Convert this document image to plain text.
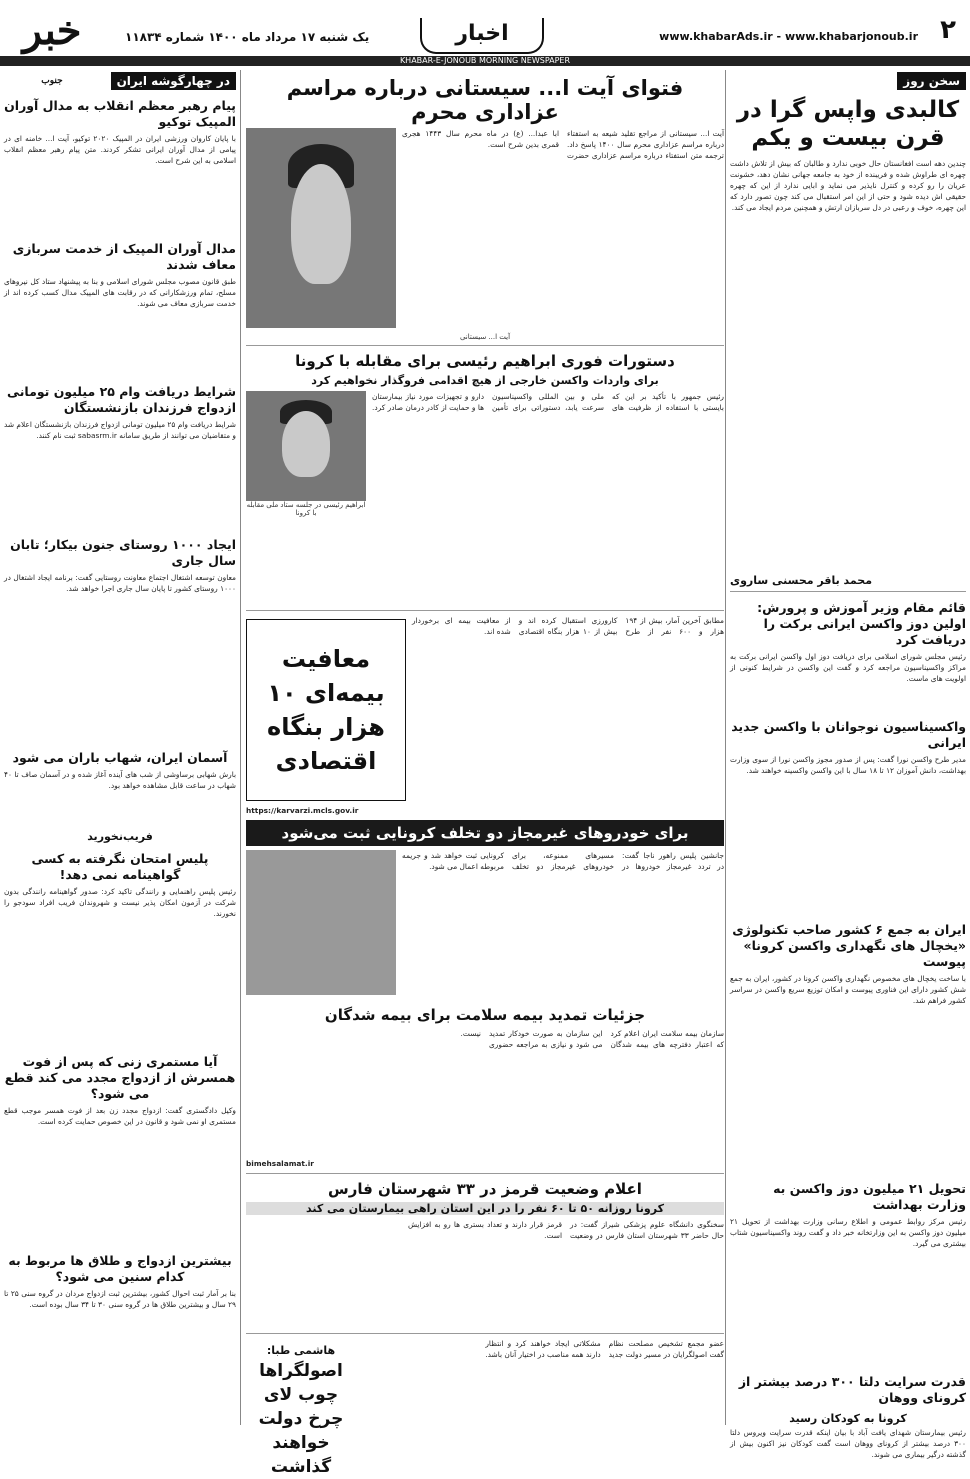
۲
www.khabarAds.ir - www.khabarjonoub.ir
اخبار
یک شنبه ۱۷ مرداد ماه ۱۴۰۰ شماره ۱۱۸۳۴
خبر $^{جنوب}$
KHABAR-E-JONOUB MORNING NEWSPAPER
سخن روز
کالبدی واپس گرا در قرن بیست و یکم
چندین دهه است افغانستان حال خوبی ندارد و طالبان که بیش از تلاش داشت چهره ای طراوش شده و فریبنده از خود به جامعه جهانی نشان دهد، خشونت عریان را رو کرده و کنترل نایذیر می نماید و ابایی ندارد از این که چهره حقیقی اش دیده شود و حتی از این امر استقبال می کند چون تصور دارد که این چهره، خوف و رعبی در دل سربازان ارتش و همچنین مردم ایجاد می کند.
محمد باقر محسنی ساروی
قائم مقام وزیر آموزش و پرورش: اولین دوز واکسن ایرانی برکت را دریافت کرد
رئیس مجلس شورای اسلامی برای دریافت دوز اول واکسن ایرانی برکت به مراکز واکسیناسیون مراجعه کرد و گفت این واکسن در شرایط کنونی از اولویت های ماست.
واکسیناسیون نوجوانان با واکسن جدید ایرانی
مدیر طرح واکسن نورا گفت: پس از صدور مجوز واکسن نورا از سوی وزارت بهداشت، دانش آموزان ۱۲ تا ۱۸ سال با این واکسن واکسینه خواهند شد.
ایران به جمع ۶ کشور صاحب تکنولوژی «یخچال های نگهداری واکسن کرونا» پیوست
با ساخت یخچال های مخصوص نگهداری واکسن کرونا در کشور، ایران به جمع شش کشور دارای این فناوری پیوست و امکان توزیع سریع واکسن در سراسر کشور فراهم شد.
تحویل ۲۱ میلیون دوز واکسن به وزارت بهداشت
رئیس مرکز روابط عمومی و اطلاع رسانی وزارت بهداشت از تحویل ۲۱ میلیون دوز واکسن به این وزارتخانه خبر داد و گفت روند واکسیناسیون شتاب بیشتری می گیرد.
قدرت سرایت دلتا ۳۰۰ درصد بیشتر از کرونای ووهان
کرونا به کودکان رسید
رئیس بیمارستان شهدای یافت آباد با بیان اینکه قدرت سرایت ویروس دلتا ۳۰۰ درصد بیشتر از کرونای ووهان است گفت کودکان نیز اکنون بیش از گذشته درگیر بیماری می شوند.
فتوای آیت ا... سیستانی درباره مراسم عزاداری محرم
آیت ا... سیستانی از مراجع تقلید شیعه به استفتاء درباره مراسم عزاداری محرم سال ۱۴۰۰ پاسخ داد. ترجمه متن استفتاء درباره مراسم عزاداری حضرت ابا عبدا... (ع) در ماه محرم سال ۱۴۴۳ هجری قمری بدین شرح است.
آیت ا... سیستانی
دستورات فوری ابراهیم رئیسی برای مقابله با کرونا
برای واردات واکسن خارجی از هیچ اقدامی فروگذار نخواهیم کرد
رئیس جمهور با تأکید بر این که بایستی با استفاده از ظرفیت های ملی و بین المللی واکسیناسیون سرعت یابد، دستوراتی برای تأمین دارو و تجهیزات مورد نیاز بیمارستان ها و حمایت از کادر درمان صادر کرد.
ابراهیم رئیسی در جلسه ستاد ملی مقابله با کرونا
مطابق آخرین آمار، بیش از ۱۹۴ هزار و ۶۰۰ نفر از طرح کارورزی استقبال کرده اند و بیش از ۱۰ هزار بنگاه اقتصادی از معافیت بیمه ای برخوردار شده اند.
معافیت بیمه‌ای ۱۰ هزار بنگاه اقتصادی
https://karvarzi.mcls.gov.ir
برای خودروهای غیرمجاز دو تخلف کرونایی ثبت می‌شود
جانشین پلیس راهور ناجا گفت: در تردد غیرمجاز خودروها در مسیرهای ممنوعه، برای خودروهای غیرمجاز دو تخلف کرونایی ثبت خواهد شد و جریمه مربوطه اعمال می شود.
جزئیات تمدید بیمه سلامت برای بیمه شدگان
سازمان بیمه سلامت ایران اعلام کرد که اعتبار دفترچه های بیمه شدگان این سازمان به صورت خودکار تمدید می شود و نیازی به مراجعه حضوری نیست.
bimehsalamat.ir
اعلام وضعیت قرمز در ۳۳ شهرستان فارس
کرونا روزانه ۵۰ تا ۶۰ نفر را در این استان راهی بیمارستان می کند
سخنگوی دانشگاه علوم پزشکی شیراز گفت: در حال حاضر ۳۳ شهرستان استان فارس در وضعیت قرمز قرار دارند و تعداد بستری ها رو به افزایش است.
عضو مجمع تشخیص مصلحت نظام گفت اصولگرایان در مسیر دولت جدید مشکلاتی ایجاد خواهند کرد و انتظار دارند همه مناصب در اختیار آنان باشد.
هاشمی طبا:
اصولگراها چوب لای چرخ دولت خواهند گذاشت
در چهارگوشه ایران
پیام رهبر معظم انقلاب به مدال آوران المپیک توکیو
با پایان کاروان ورزشی ایران در المپیک ۲۰۲۰ توکیو، آیت ا... خامنه ای در پیامی از مدال آوران ایرانی تشکر کردند. متن پیام رهبر معظم انقلاب اسلامی به این شرح است.
مدال آوران المپیک از خدمت سربازی معاف شدند
طبق قانون مصوب مجلس شورای اسلامی و بنا به پیشنهاد ستاد کل نیروهای مسلح، تمام ورزشکارانی که در رقابت های المپیک مدال کسب کرده اند از خدمت سربازی معاف می شوند.
شرایط دریافت وام ۲۵ میلیون تومانی ازدواج فرزندان بازنشستگان
شرایط دریافت وام ۲۵ میلیون تومانی ازدواج فرزندان بازنشستگان اعلام شد و متقاضیان می توانند از طریق سامانه sabasrm.ir ثبت نام کنند.
ایجاد ۱۰۰۰ روستای جنون بیکار؛ تابان سال جاری
معاون توسعه اشتغال اجتماع معاونت روستایی گفت: برنامه ایجاد اشتغال در ۱۰۰۰ روستای کشور تا پایان سال جاری اجرا خواهد شد.
آسمان ایران، شهاب باران می شود
بارش شهابی برساوشی از شب های آینده آغاز شده و در آسمان صاف تا ۴۰ شهاب در ساعت قابل مشاهده خواهد بود.
فریب‌نخورید
پلیس امتحان نگرفته به کسی گواهینامه نمی دهد!
رئیس پلیس راهنمایی و رانندگی تاکید کرد: صدور گواهینامه رانندگی بدون شرکت در آزمون امکان پذیر نیست و شهروندان فریب افراد سودجو را نخورند.
آیا مستمری زنی که پس از فوت همسرش از ازدواج مجدد می کند قطع می شود؟
وکیل دادگستری گفت: ازدواج مجدد زن بعد از فوت همسر موجب قطع مستمری او نمی شود و قانون در این خصوص حمایت کرده است.
بیشترین ازدواج و طلاق ها مربوط به کدام سنین می شود؟
بنا بر آمار ثبت احوال کشور، بیشترین ثبت ازدواج مردان در گروه سنی ۲۵ تا ۲۹ سال و بیشترین طلاق ها در گروه سنی ۳۰ تا ۳۴ سال بوده است.
